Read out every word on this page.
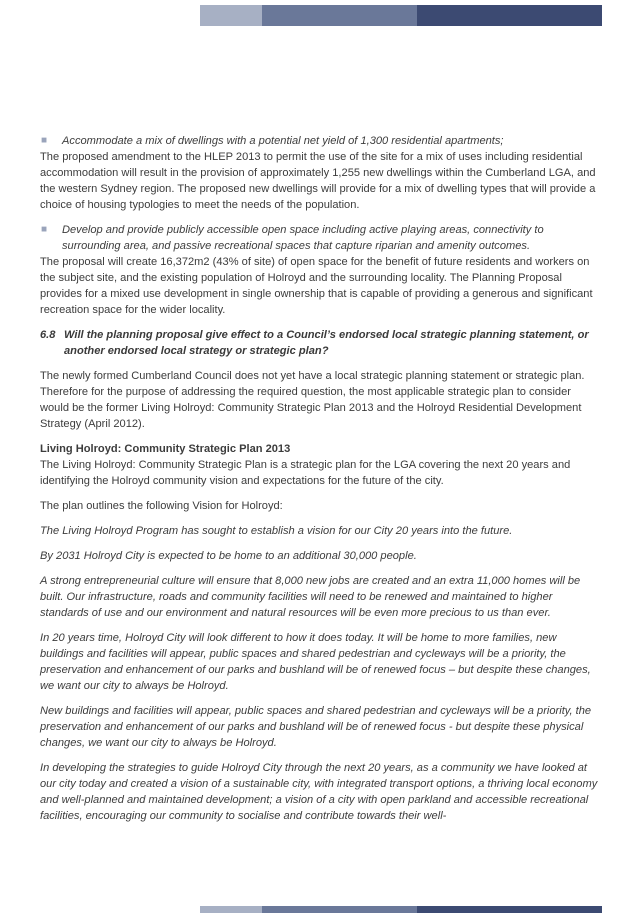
■	Accommodate a mix of dwellings with a potential net yield of 1,300 residential apartments;

The proposed amendment to the HLEP 2013 to permit the use of the site for a mix of uses including residential accommodation will result in the provision of approximately 1,255 new dwellings within the Cumberland LGA, and the western Sydney region. The proposed new dwellings will provide for a mix of dwelling types that will provide a choice of housing typologies to meet the needs of the population.

■	Develop and provide publicly accessible open space including active playing areas, connectivity to surrounding area, and passive recreational spaces that capture riparian and amenity outcomes.

The proposal will create 16,372m2 (43% of site) of open space for the benefit of future residents and workers on the subject site, and the existing population of Holroyd and the surrounding locality. The Planning Proposal provides for a mixed use development in single ownership that is capable of providing a generous and significant recreation space for the wider locality.

6.8 Will the planning proposal give effect to a Council’s endorsed local strategic planning statement, or another endorsed local strategy or strategic plan?

The newly formed Cumberland Council does not yet have a local strategic planning statement or strategic plan. Therefore for the purpose of addressing the required question, the most applicable strategic plan to consider would be the former Living Holroyd: Community Strategic Plan 2013 and the Holroyd Residential Development Strategy (April 2012).

Living Holroyd: Community Strategic Plan 2013

The Living Holroyd: Community Strategic Plan is a strategic plan for the LGA covering the next 20 years and identifying the Holroyd community vision and expectations for the future of the city.

The plan outlines the following Vision for Holroyd:

The Living Holroyd Program has sought to establish a vision for our City 20 years into the future.

By 2031 Holroyd City is expected to be home to an additional 30,000 people.

A strong entrepreneurial culture will ensure that 8,000 new jobs are created and an extra 11,000 homes will be built. Our infrastructure, roads and community facilities will need to be renewed and maintained to higher standards of use and our environment and natural resources will be even more precious to us than ever.

In 20 years time, Holroyd City will look different to how it does today. It will be home to more families, new buildings and facilities will appear, public spaces and shared pedestrian and cycleways will be a priority, the preservation and enhancement of our parks and bushland will be of renewed focus – but despite these changes, we want our city to always be Holroyd.

New buildings and facilities will appear, public spaces and shared pedestrian and cycleways will be a priority, the preservation and enhancement of our parks and bushland will be of renewed focus - but despite these physical changes, we want our city to always be Holroyd.

In developing the strategies to guide Holroyd City through the next 20 years, as a community we have looked at our city today and created a vision of a sustainable city, with integrated transport options, a thriving local economy and well-planned and maintained development; a vision of a city with open parkland and accessible recreational facilities, encouraging our community to socialise and contribute towards their well-
